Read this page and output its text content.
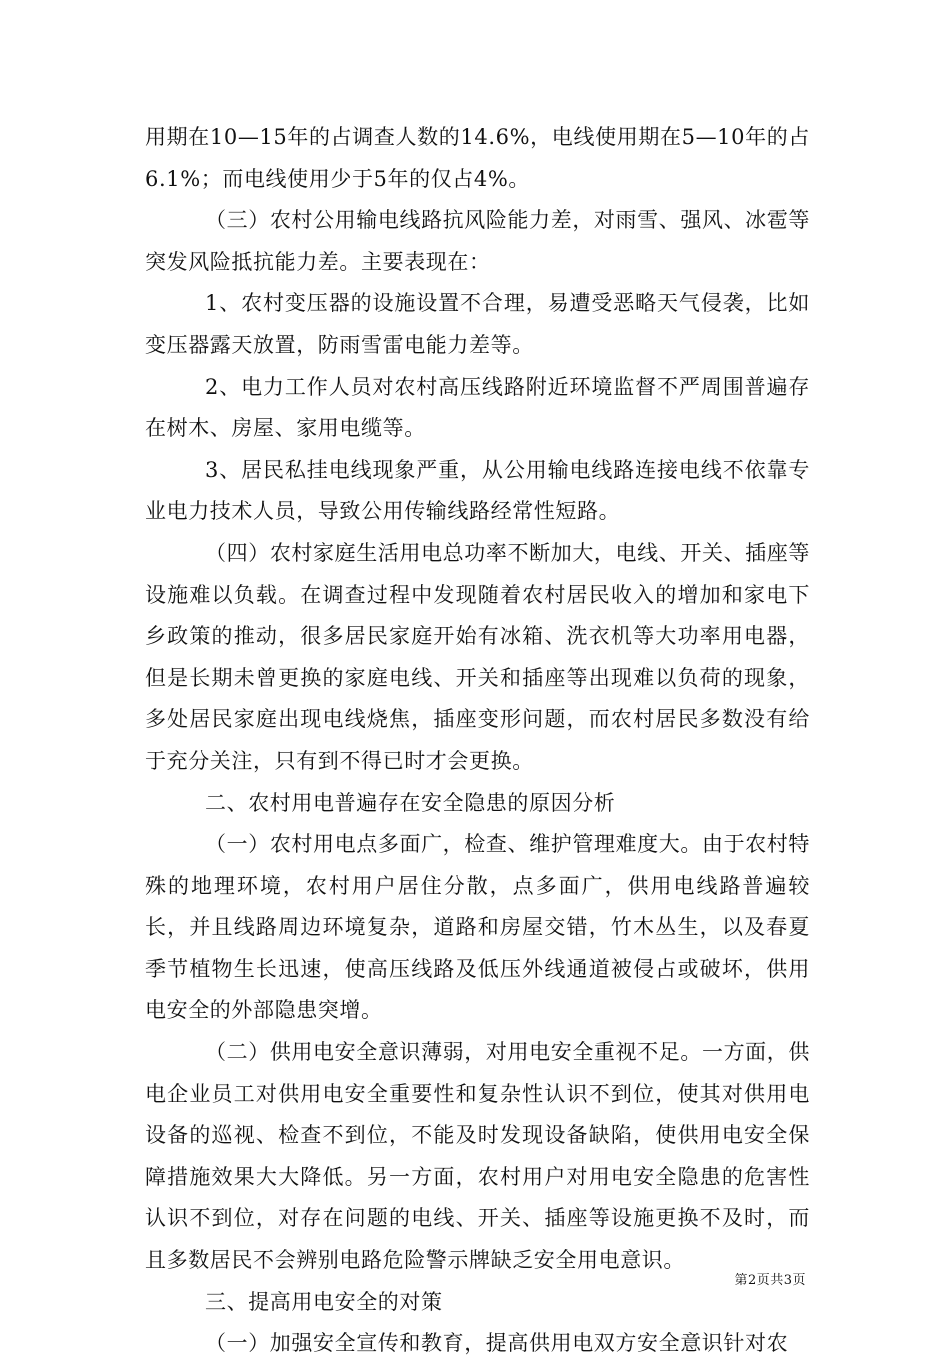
用期在10—15年的占调查人数的14.6%，电线使用期在5—10年的占6.1%；而电线使用少于5年的仅占4%。

（三）农村公用输电线路抗风险能力差，对雨雪、强风、冰雹等突发风险抵抗能力差。主要表现在：

1、农村变压器的设施设置不合理，易遭受恶略天气侵袭，比如变压器露天放置，防雨雪雷电能力差等。

2、电力工作人员对农村高压线路附近环境监督不严周围普遍存在树木、房屋、家用电缆等。

3、居民私挂电线现象严重，从公用输电线路连接电线不依靠专业电力技术人员，导致公用传输线路经常性短路。

（四）农村家庭生活用电总功率不断加大，电线、开关、插座等设施难以负载。在调查过程中发现随着农村居民收入的增加和家电下乡政策的推动，很多居民家庭开始有冰箱、洗衣机等大功率用电器，但是长期未曾更换的家庭电线、开关和插座等出现难以负荷的现象，多处居民家庭出现电线烧焦，插座变形问题，而农村居民多数没有给于充分关注，只有到不得已时才会更换。

二、农村用电普遍存在安全隐患的原因分析

（一）农村用电点多面广，检查、维护管理难度大。由于农村特殊的地理环境，农村用户居住分散，点多面广，供用电线路普遍较长，并且线路周边环境复杂，道路和房屋交错，竹木丛生，以及春夏季节植物生长迅速，使高压线路及低压外线通道被侵占或破坏，供用电安全的外部隐患突增。

（二）供用电安全意识薄弱，对用电安全重视不足。一方面，供电企业员工对供用电安全重要性和复杂性认识不到位，使其对供用电设备的巡视、检查不到位，不能及时发现设备缺陷，使供用电安全保障措施效果大大降低。另一方面，农村用户对用电安全隐患的危害性认识不到位，对存在问题的电线、开关、插座等设施更换不及时，而且多数居民不会辨别电路危险警示牌缺乏安全用电意识。

三、提高用电安全的对策

（一）加强安全宣传和教育，提高供用电双方安全意识针对农

第2页共3页
